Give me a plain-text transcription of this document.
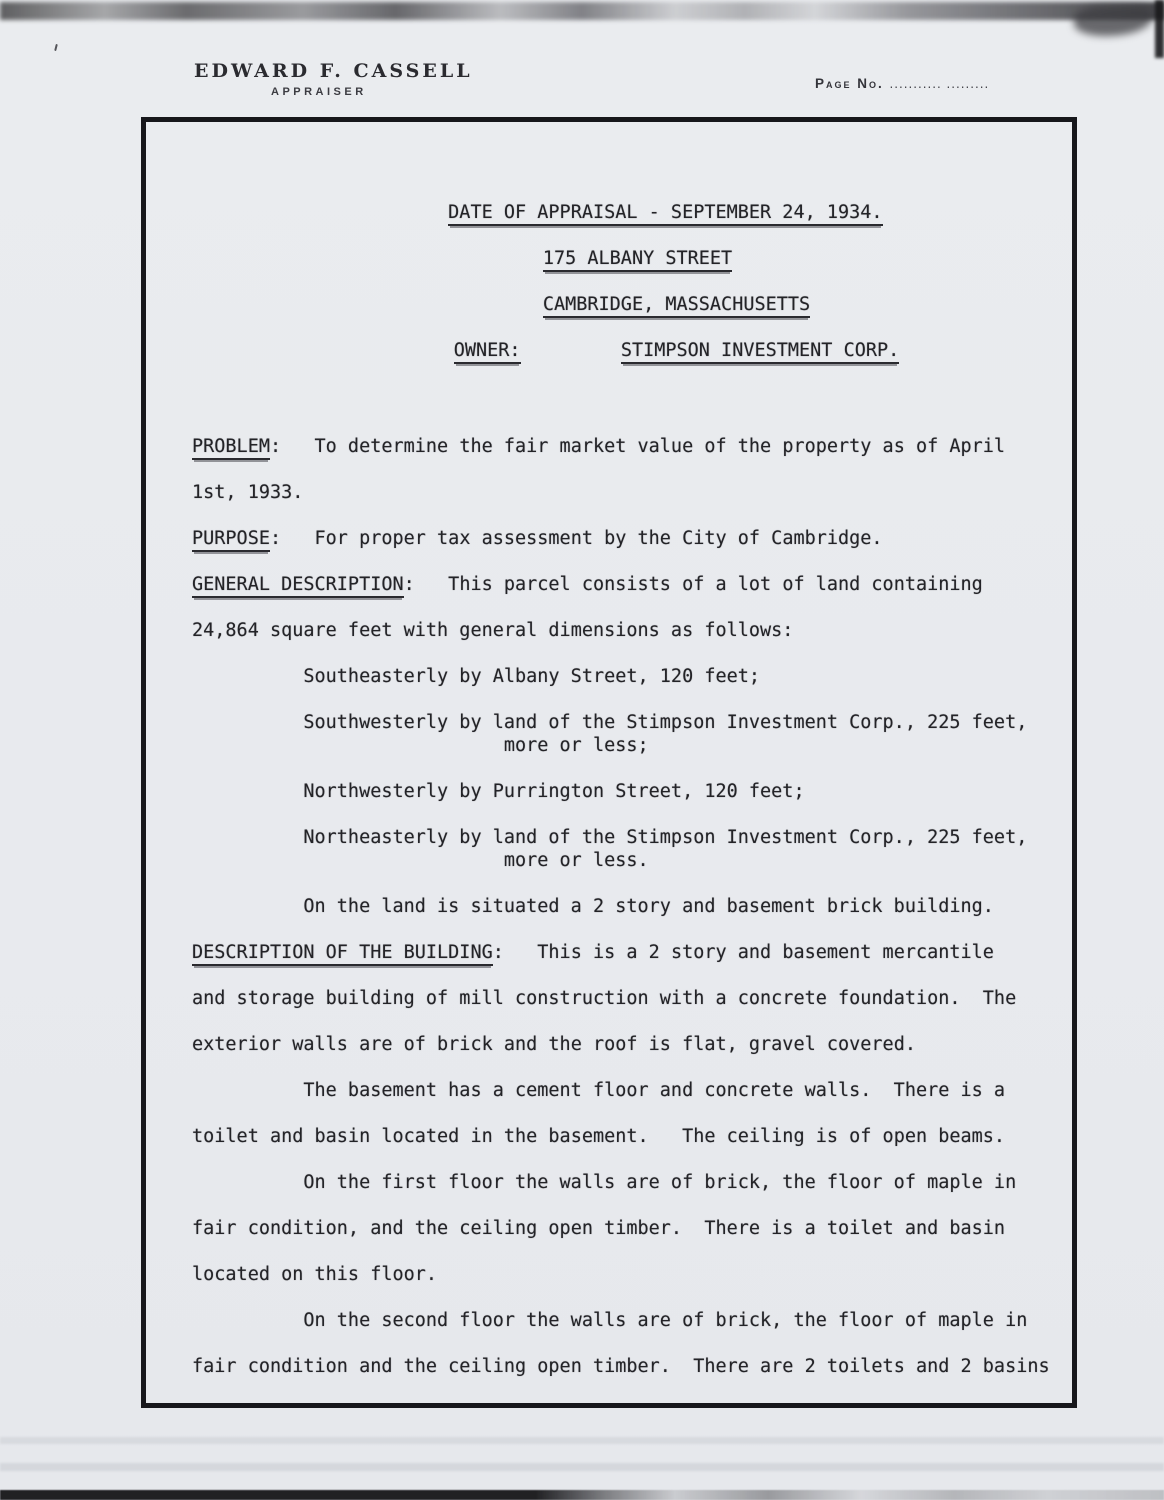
EDWARD F. CASSELL
APPRAISER
Page No. ........... .........
DATE OF APPRAISAL - SEPTEMBER 24, 1934.
175 ALBANY STREET
CAMBRIDGE, MASSACHUSETTS
OWNER:	STIMPSON INVESTMENT CORP.
PROBLEM:   To determine the fair market value of the property as of April
1st, 1933.
PURPOSE:   For proper tax assessment by the City of Cambridge.
GENERAL DESCRIPTION:   This parcel consists of a lot of land containing
24,864 square feet with general dimensions as follows:
Southeasterly by Albany Street, 120 feet;
Southwesterly by land of the Stimpson Investment Corp., 225 feet,
more or less;
Northwesterly by Purrington Street, 120 feet;
Northeasterly by land of the Stimpson Investment Corp., 225 feet,
more or less.
On the land is situated a 2 story and basement brick building.
DESCRIPTION OF THE BUILDING:   This is a 2 story and basement mercantile
and storage building of mill construction with a concrete foundation.  The
exterior walls are of brick and the roof is flat, gravel covered.
The basement has a cement floor and concrete walls.  There is a
toilet and basin located in the basement.   The ceiling is of open beams.
On the first floor the walls are of brick, the floor of maple in
fair condition, and the ceiling open timber.  There is a toilet and basin
located on this floor.
On the second floor the walls are of brick, the floor of maple in
fair condition and the ceiling open timber.  There are 2 toilets and 2 basins
